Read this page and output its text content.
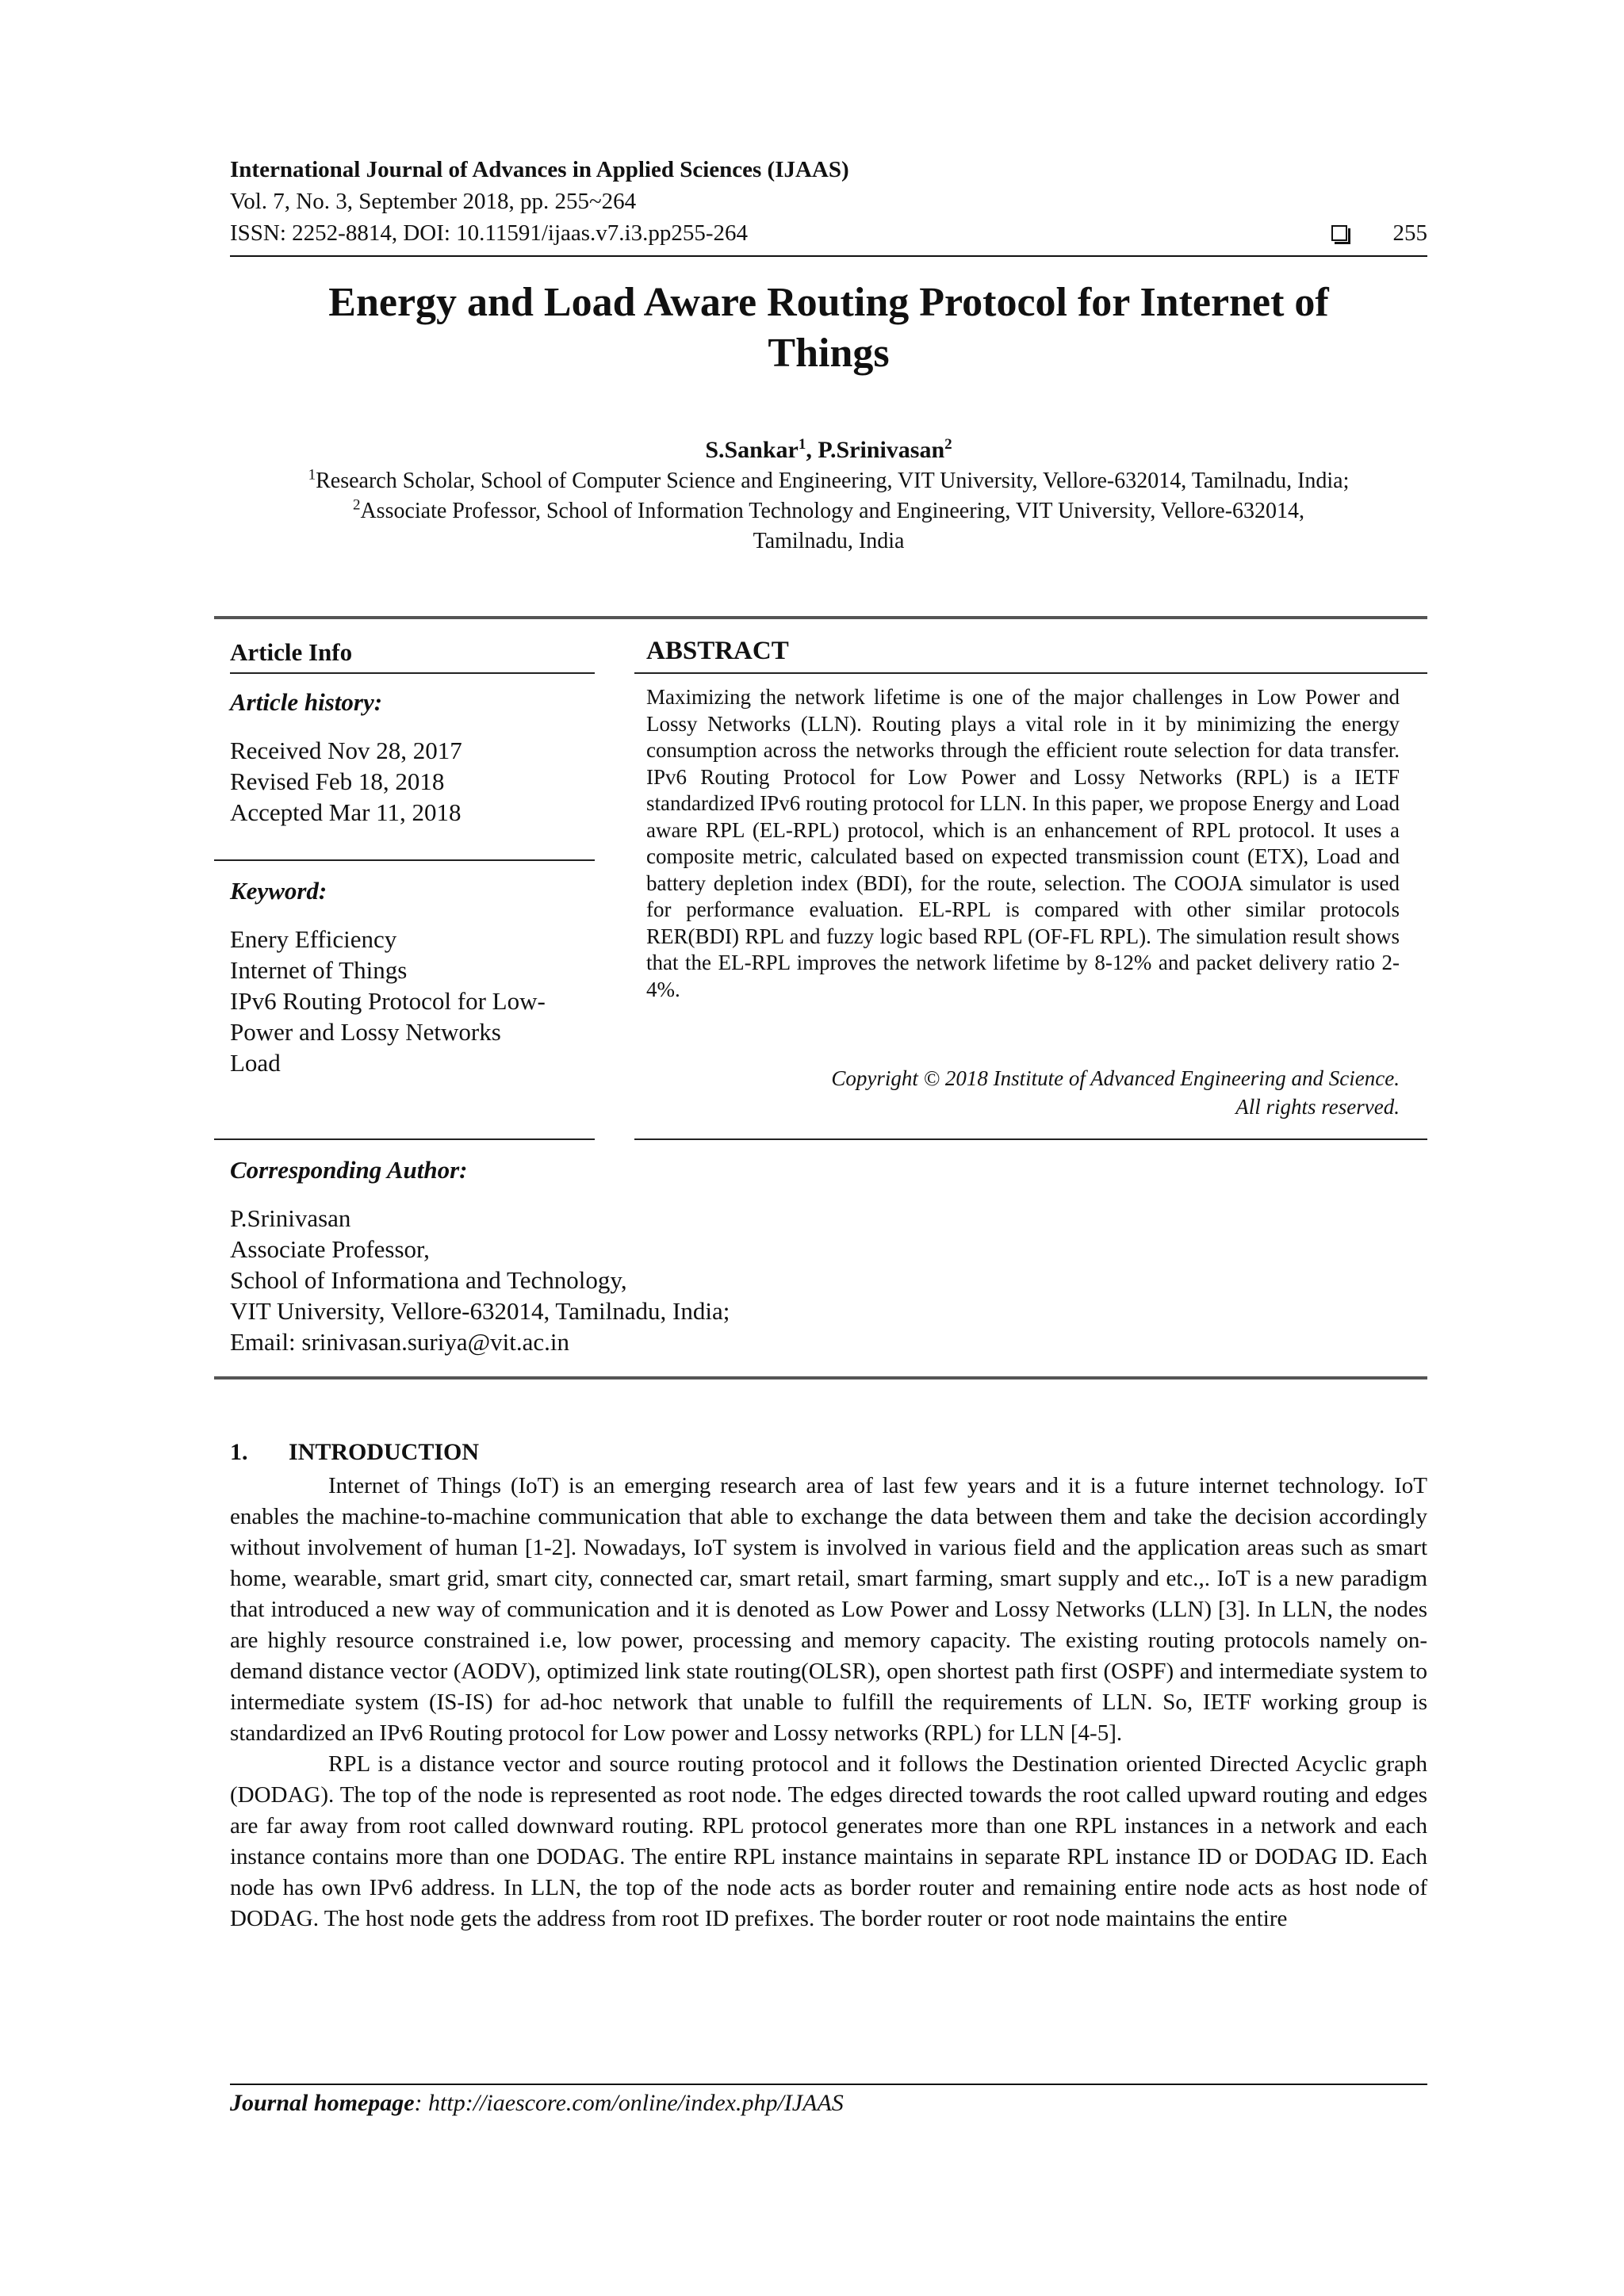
International Journal of Advances in Applied Sciences (IJAAS)
Vol. 7, No. 3, September 2018, pp. 255~264
ISSN: 2252-8814, DOI: 10.11591/ijaas.v7.i3.pp255-264	255
Energy and Load Aware Routing Protocol for Internet of
Things
S.Sankar$^1$, P.Srinivasan$^2$
$^1$Research Scholar, School of Computer Science and Engineering, VIT University, Vellore-632014, Tamilnadu, India;
$^2$Associate Professor, School of Information Technology and Engineering, VIT University, Vellore-632014,
Tamilnadu, India
Article Info
Article history:
Received Nov 28, 2017
Revised Feb 18, 2018
Accepted Mar 11, 2018
Keyword:
Enery Efficiency
Internet of Things
IPv6 Routing Protocol for Low-
Power and Lossy Networks
Load
ABSTRACT
Maximizing the network lifetime is one of the major challenges in Low Power and Lossy Networks (LLN). Routing plays a vital role in it by minimizing the energy consumption across the networks through the efficient route selection for data transfer. IPv6 Routing Protocol for Low Power and Lossy Networks (RPL) is a IETF standardized IPv6 routing protocol for LLN. In this paper, we propose Energy and Load aware RPL (EL-RPL) protocol, which is an enhancement of RPL protocol. It uses a composite metric, calculated based on expected transmission count (ETX), Load and battery depletion index (BDI), for the route, selection. The COOJA simulator is used for performance evaluation. EL-RPL is compared with other similar protocols RER(BDI) RPL and fuzzy logic based RPL (OF-FL RPL). The simulation result shows that the EL-RPL improves the network lifetime by 8-12% and packet delivery ratio 2-4%.
Copyright © 2018 Institute of Advanced Engineering and Science.
All rights reserved.
Corresponding Author:
P.Srinivasan
Associate Professor,
School of Informationa and Technology,
VIT University, Vellore-632014, Tamilnadu, India;
Email: srinivasan.suriya@vit.ac.in
1. INTRODUCTION

Internet of Things (IoT) is an emerging research area of last few years and it is a future internet technology. IoT enables the machine-to-machine communication that able to exchange the data between them and take the decision accordingly without involvement of human [1-2]. Nowadays, IoT system is involved in various field and the application areas such as smart home, wearable, smart grid, smart city, connected car, smart retail, smart farming, smart supply and etc.,. IoT is a new paradigm that introduced a new way of communication and it is denoted as Low Power and Lossy Networks (LLN) [3]. In LLN, the nodes are highly resource constrained i.e, low power, processing and memory capacity. The existing routing protocols namely on-demand distance vector (AODV), optimized link state routing(OLSR), open shortest path first (OSPF) and intermediate system to intermediate system (IS-IS) for ad-hoc network that unable to fulfill the requirements of LLN. So, IETF working group is standardized an IPv6 Routing protocol for Low power and Lossy networks (RPL) for LLN [4-5].

RPL is a distance vector and source routing protocol and it follows the Destination oriented Directed Acyclic graph (DODAG). The top of the node is represented as root node. The edges directed towards the root called upward routing and edges are far away from root called downward routing. RPL protocol generates more than one RPL instances in a network and each instance contains more than one DODAG. The entire RPL instance maintains in separate RPL instance ID or DODAG ID. Each node has own IPv6 address. In LLN, the top of the node acts as border router and remaining entire node acts as host node of DODAG. The host node gets the address from root ID prefixes. The border router or root node maintains the entire

Journal homepage: http://iaescore.com/online/index.php/IJAAS
